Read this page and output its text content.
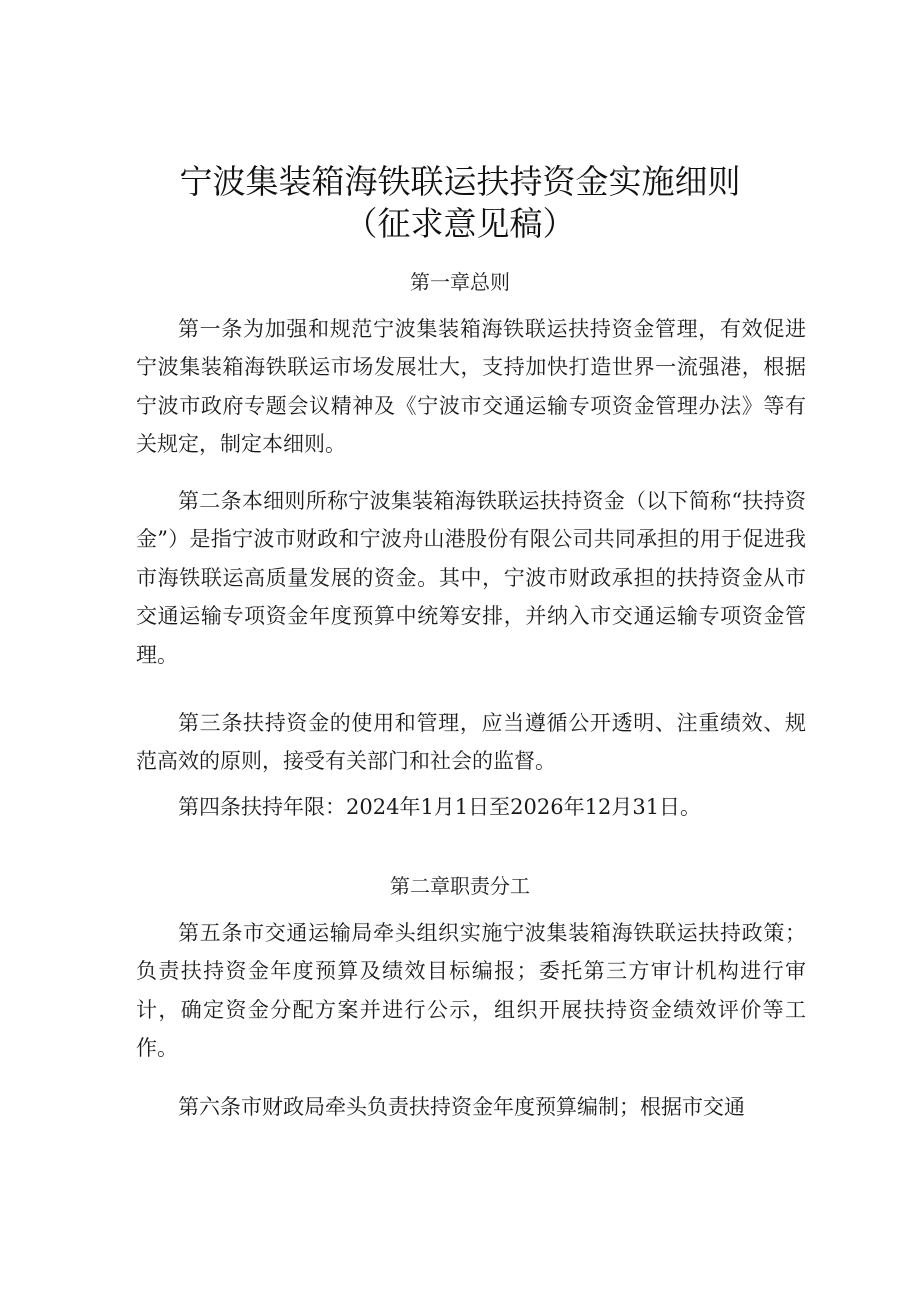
宁波集装箱海铁联运扶持资金实施细则
（征求意见稿）
第一章总则

第一条为加强和规范宁波集装箱海铁联运扶持资金管理，有效促进宁波集装箱海铁联运市场发展壮大，支持加快打造世界一流强港，根据宁波市政府专题会议精神及《宁波市交通运输专项资金管理办法》等有关规定，制定本细则。

第二条本细则所称宁波集装箱海铁联运扶持资金（以下简称“扶持资金”）是指宁波市财政和宁波舟山港股份有限公司共同承担的用于促进我市海铁联运高质量发展的资金。其中，宁波市财政承担的扶持资金从市交通运输专项资金年度预算中统筹安排，并纳入市交通运输专项资金管理。

第三条扶持资金的使用和管理，应当遵循公开透明、注重绩效、规范高效的原则，接受有关部门和社会的监督。

第四条扶持年限：2024年1月1日至2026年12月31日。

第二章职责分工

第五条市交通运输局牵头组织实施宁波集装箱海铁联运扶持政策；负责扶持资金年度预算及绩效目标编报；委托第三方审计机构进行审计，确定资金分配方案并进行公示，组织开展扶持资金绩效评价等工作。

第六条市财政局牵头负责扶持资金年度预算编制；根据市交通
